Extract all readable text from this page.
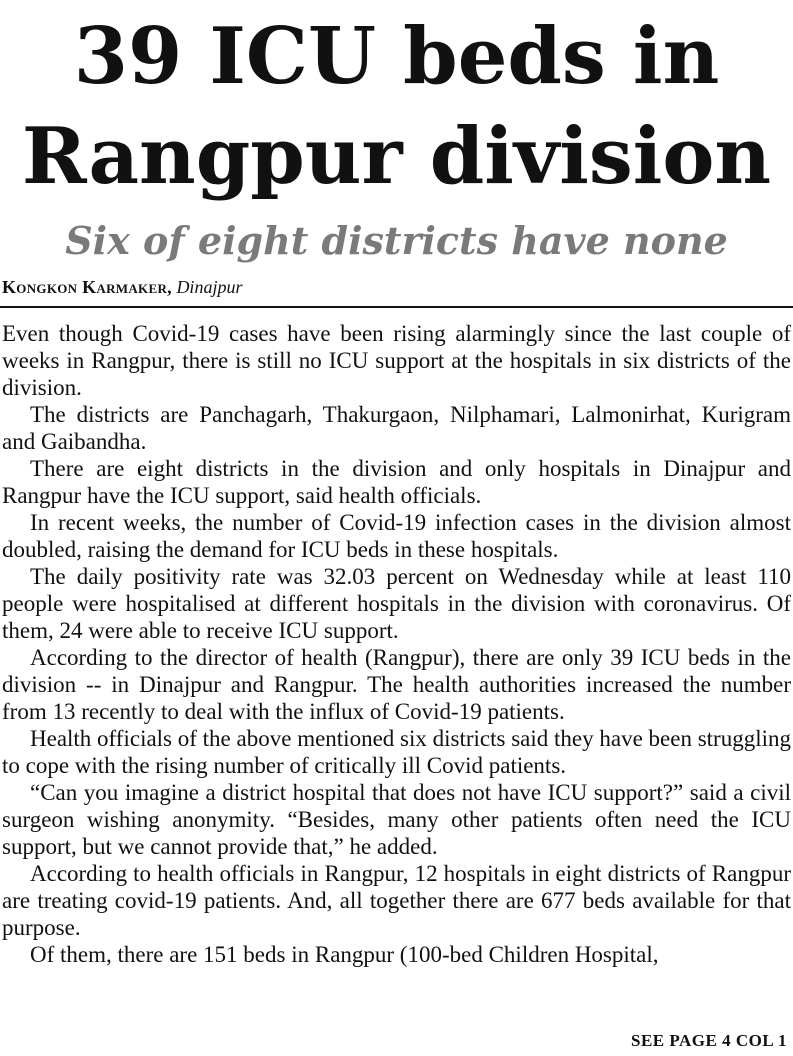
39 ICU beds in
Rangpur division
Six of eight districts have none
Kongkon Karmaker, Dinajpur

Even though Covid-19 cases have been rising alarmingly since the last couple of weeks in Rangpur, there is still no ICU support at the hospitals in six districts of the division.

The districts are Panchagarh, Thakurgaon, Nilphamari, Lalmonirhat, Kurigram and Gaibandha.

There are eight districts in the division and only hospitals in Dinajpur and Rangpur have the ICU support, said health officials.

In recent weeks, the number of Covid-19 infection cases in the division almost doubled, raising the demand for ICU beds in these hospitals.

The daily positivity rate was 32.03 percent on Wednesday while at least 110 people were hospitalised at different hospitals in the division with coronavirus. Of them, 24 were able to receive ICU support.

According to the director of health (Rangpur), there are only 39 ICU beds in the division -- in Dinajpur and Rangpur. The health authorities increased the number from 13 recently to deal with the influx of Covid-19 patients.

Health officials of the above mentioned six districts said they have been struggling to cope with the rising number of critically ill Covid patients.

“Can you imagine a district hospital that does not have ICU support?” said a civil surgeon wishing anonymity. “Besides, many other patients often need the ICU support, but we cannot provide that,” he added.

According to health officials in Rangpur, 12 hospitals in eight districts of Rangpur are treating covid-19 patients. And, all together there are 677 beds available for that purpose.

Of them, there are 151 beds in Rangpur (100-bed Children Hospital,

SEE PAGE 4 COL 1
